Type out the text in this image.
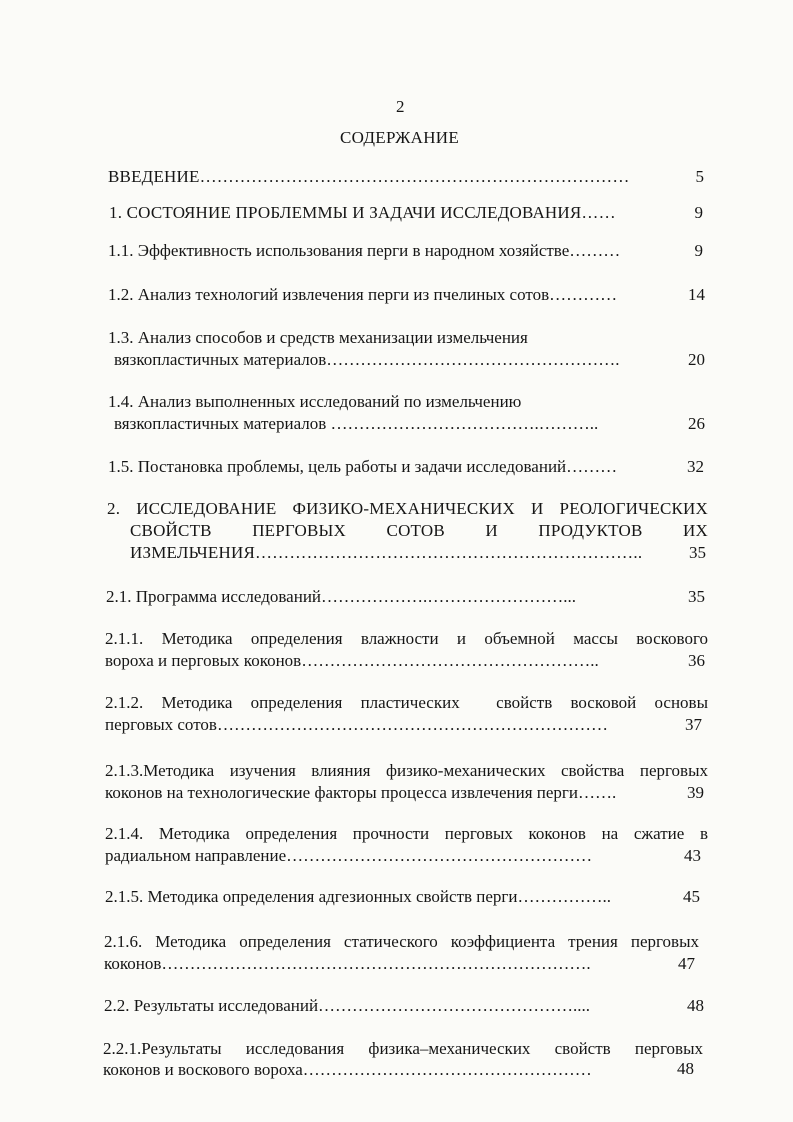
2
СОДЕРЖАНИЕ
ВВЕДЕНИЕ…………………………………………………………………	5
1. СОСТОЯНИЕ ПРОБЛЕММЫ И ЗАДАЧИ ИССЛЕДОВАНИЯ……	9
1.1. Эффективность использования перги в народном хозяйстве………	9
1.2. Анализ технологий извлечения перги из пчелиных сотов…………	14
1.3. Анализ способов и средств механизации измельчения
вязкопластичных материалов…………………………………………….	20
1.4. Анализ выполненных исследований по измельчению
вязкопластичных материалов ……………………………….………..	26
1.5. Постановка проблемы, цель работы и задачи исследований………	32
2. ИССЛЕДОВАНИЕ ФИЗИКО-МЕХАНИЧЕСКИХ И РЕОЛОГИЧЕСКИХ
СВОЙСТВ ПЕРГОВЫХ СОТОВ И ПРОДУКТОВ ИХ
ИЗМЕЛЬЧЕНИЯ…………………………………………………………..	35
2.1. Программа исследований……………….……………………...	35
2.1.1. Методика определения влажности и объемной массы воскового
вороха и перговых коконов……………………………………………..	36
2.1.2. Методика определения пластических  свойств восковой основы
перговых сотов……………………………………………………………	37
2.1.3.Методика изучения влияния физико-механических свойства перговых
коконов на технологические факторы процесса извлечения перги…….	39
2.1.4. Методика определения прочности перговых коконов на сжатие в
радиальном направление………………………………………………	43
2.1.5. Методика определения адгезионных свойств перги……………..	45
2.1.6. Методика определения статического коэффициента трения перговых
коконов………………………………………………………………….	47
2.2. Результаты исследований………………………………………....	48
2.2.1.Результаты исследования физика–механических свойств перговых
коконов и воскового вороха……………………………………………	48
